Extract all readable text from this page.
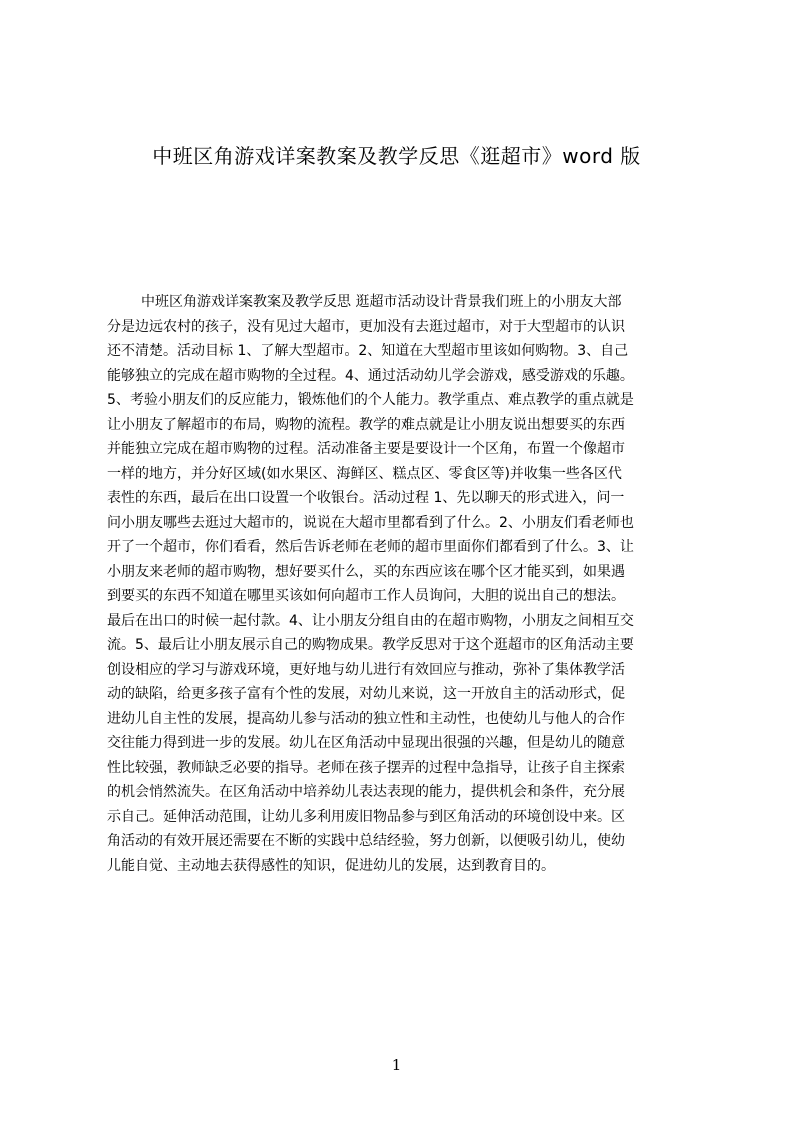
中班区角游戏详案教案及教学反思《逛超市》word 版
中班区角游戏详案教案及教学反思 逛超市活动设计背景我们班上的小朋友大部
分是边远农村的孩子，没有见过大超市，更加没有去逛过超市，对于大型超市的认识
还不清楚。活动目标 1、了解大型超市。2、知道在大型超市里该如何购物。3、自己
能够独立的完成在超市购物的全过程。4、通过活动幼儿学会游戏，感受游戏的乐趣。
5、考验小朋友们的反应能力，锻炼他们的个人能力。教学重点、难点教学的重点就是
让小朋友了解超市的布局，购物的流程。教学的难点就是让小朋友说出想要买的东西
并能独立完成在超市购物的过程。活动准备主要是要设计一个区角，布置一个像超市
一样的地方，并分好区域(如水果区、海鲜区、糕点区、零食区等)并收集一些各区代
表性的东西，最后在出口设置一个收银台。活动过程 1、先以聊天的形式进入，问一
问小朋友哪些去逛过大超市的，说说在大超市里都看到了什么。2、小朋友们看老师也
开了一个超市，你们看看，然后告诉老师在老师的超市里面你们都看到了什么。3、让
小朋友来老师的超市购物，想好要买什么，买的东西应该在哪个区才能买到，如果遇
到要买的东西不知道在哪里买该如何向超市工作人员询问，大胆的说出自己的想法。
最后在出口的时候一起付款。4、让小朋友分组自由的在超市购物，小朋友之间相互交
流。5、最后让小朋友展示自己的购物成果。教学反思对于这个逛超市的区角活动主要
创设相应的学习与游戏环境，更好地与幼儿进行有效回应与推动，弥补了集体教学活
动的缺陷，给更多孩子富有个性的发展，对幼儿来说，这一开放自主的活动形式，促
进幼儿自主性的发展，提高幼儿参与活动的独立性和主动性，也使幼儿与他人的合作
交往能力得到进一步的发展。幼儿在区角活动中显现出很强的兴趣，但是幼儿的随意
性比较强，教师缺乏必要的指导。老师在孩子摆弄的过程中急指导，让孩子自主探索
的机会悄然流失。在区角活动中培养幼儿表达表现的能力，提供机会和条件，充分展
示自己。延伸活动范围，让幼儿多利用废旧物品参与到区角活动的环境创设中来。区
角活动的有效开展还需要在不断的实践中总结经验，努力创新，以便吸引幼儿，使幼
儿能自觉、主动地去获得感性的知识，促进幼儿的发展，达到教育目的。
1
